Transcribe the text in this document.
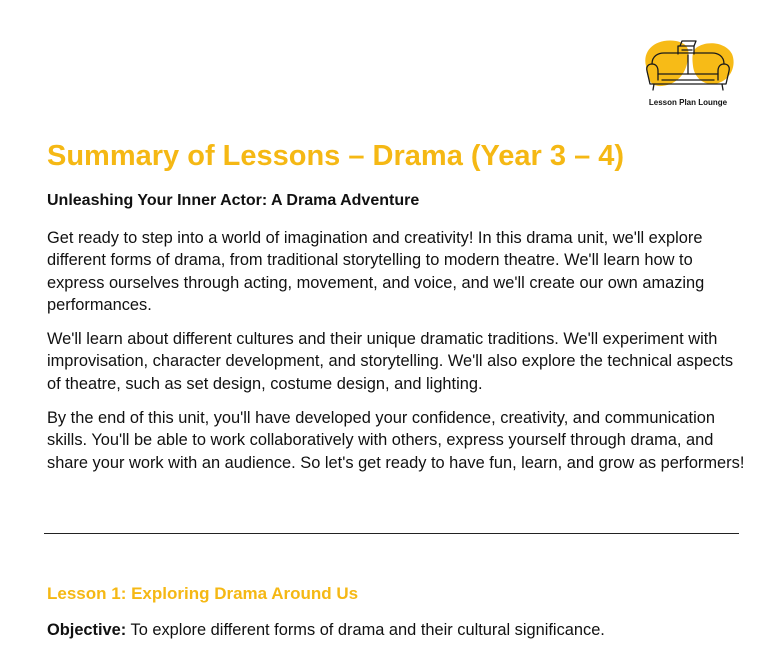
Lesson Plan Lounge
Summary of Lessons – Drama (Year 3 – 4)
Unleashing Your Inner Actor: A Drama Adventure

Get ready to step into a world of imagination and creativity! In this drama unit, we'll explore different forms of drama, from traditional storytelling to modern theatre. We'll learn how to express ourselves through acting, movement, and voice, and we'll create our own amazing performances.

We'll learn about different cultures and their unique dramatic traditions. We'll experiment with improvisation, character development, and storytelling. We'll also explore the technical aspects of theatre, such as set design, costume design, and lighting.

By the end of this unit, you'll have developed your confidence, creativity, and communication skills. You'll be able to work collaboratively with others, express yourself through drama, and share your work with an audience. So let's get ready to have fun, learn, and grow as performers!

Lesson 1: Exploring Drama Around Us

Objective: To explore different forms of drama and their cultural significance.
